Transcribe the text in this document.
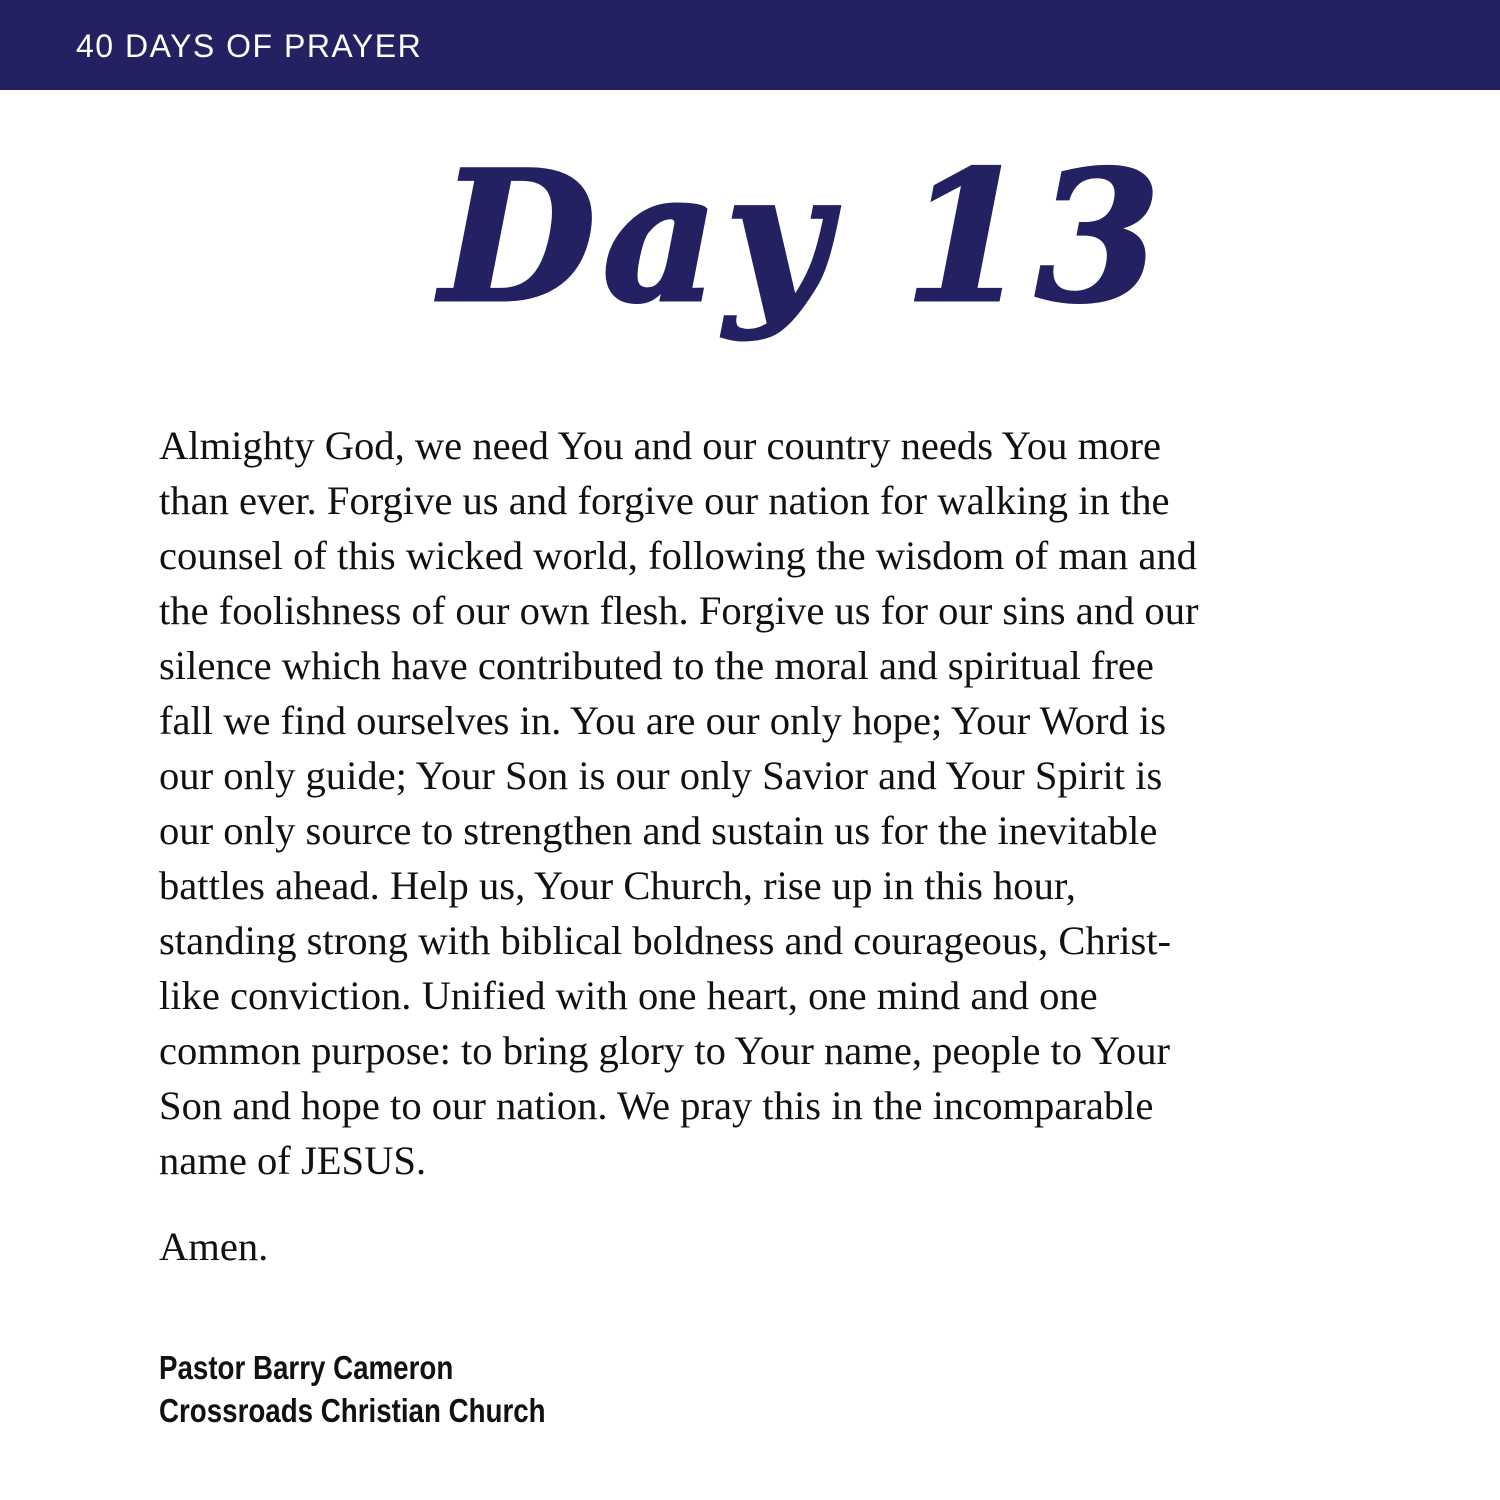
40 DAYS OF PRAYER
Day 13

Almighty God, we need You and our country needs You more
than ever. Forgive us and forgive our nation for walking in the
counsel of this wicked world, following the wisdom of man and
the foolishness of our own flesh. Forgive us for our sins and our
silence which have contributed to the moral and spiritual free
fall we find ourselves in. You are our only hope; Your Word is
our only guide; Your Son is our only Savior and Your Spirit is
our only source to strengthen and sustain us for the inevitable
battles ahead. Help us, Your Church, rise up in this hour,
standing strong with biblical boldness and courageous, Christ-
like conviction. Unified with one heart, one mind and one
common purpose: to bring glory to Your name, people to Your
Son and hope to our nation. We pray this in the incomparable
name of JESUS.

Amen.

Pastor Barry Cameron
Crossroads Christian Church
